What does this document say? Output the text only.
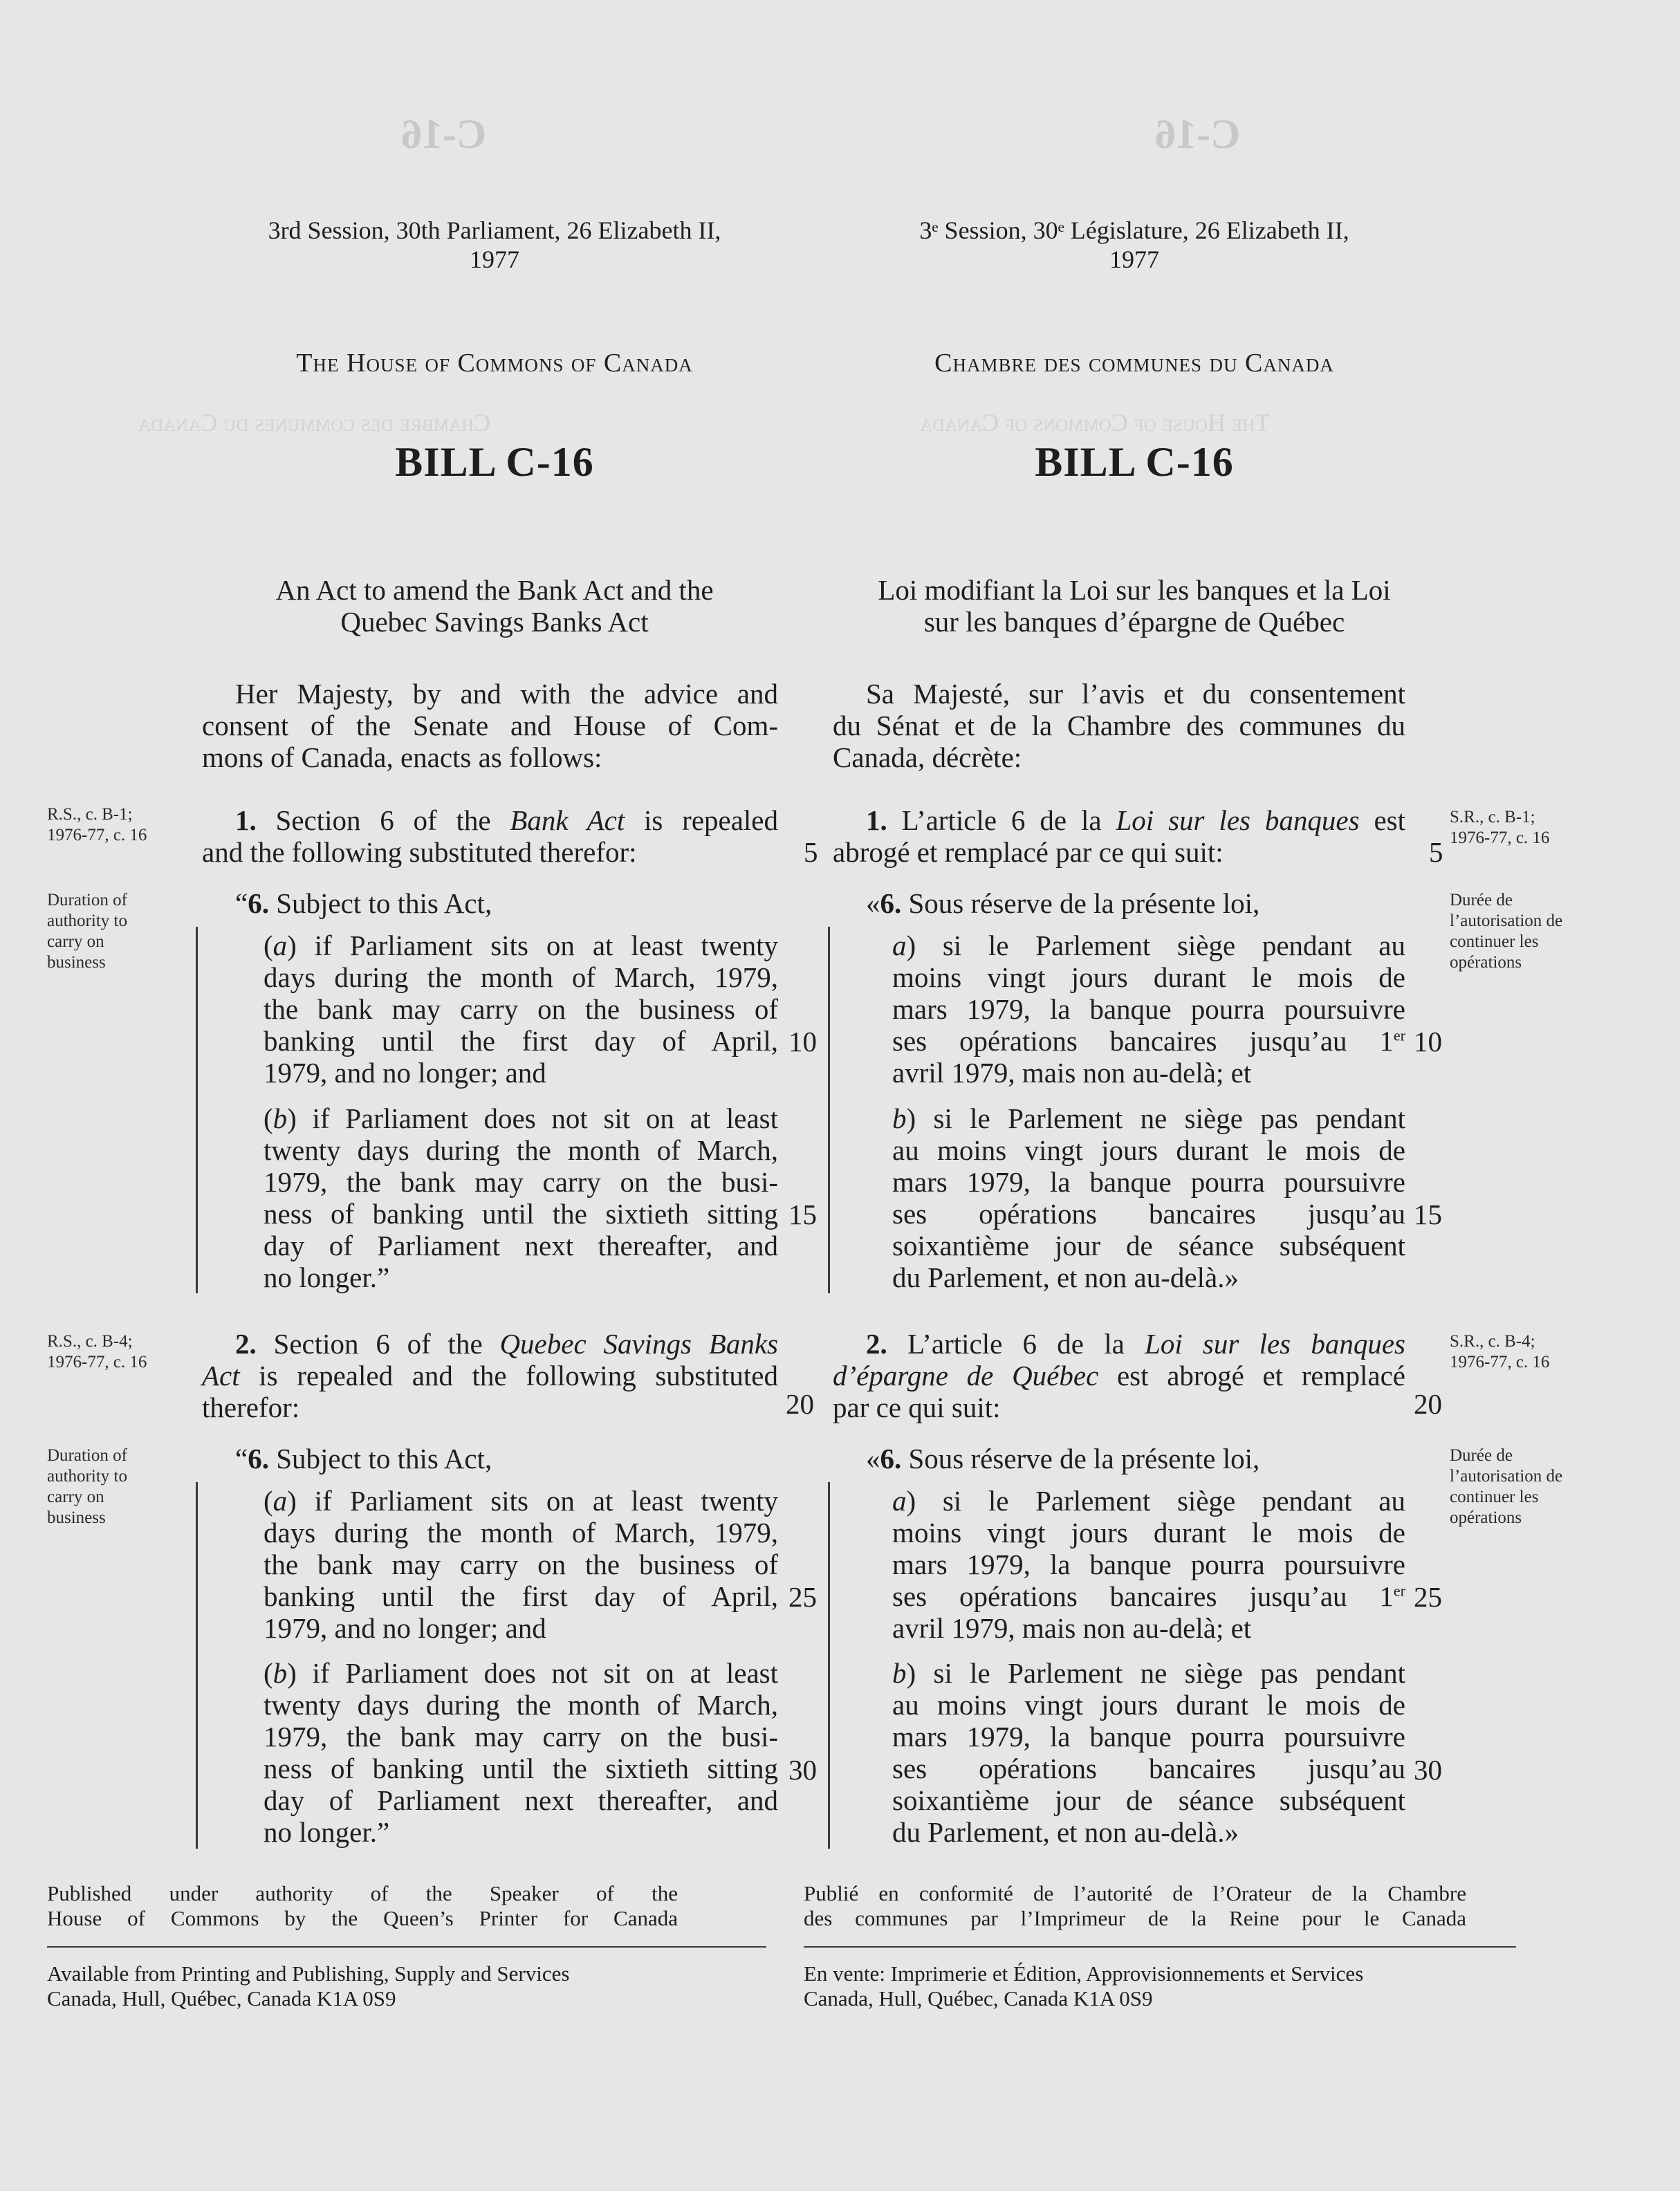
C-16	C-16
Chambre des communes du Canada	The House of Commons of Canada
3rd Session, 30th Parliament, 26 Elizabeth II,
1977
The House of Commons of Canada
BILL C-16
An Act to amend the Bank Act and the
Quebec Savings Banks Act
Her Majesty, by and with the advice and
consent of the Senate and House of Com-
mons of Canada, enacts as follows:
R.S., c. B-1;
1976-77, c. 16
Duration of
authority to
carry on
business
R.S., c. B-4;
1976-77, c. 16
Duration of
authority to
carry on
business
1. Section 6 of the Bank Act is repealed
and the following substituted therefor:
“6. Subject to this Act,
(a) if Parliament sits on at least twenty
days during the month of March, 1979,
the bank may carry on the business of
banking until the first day of April,
1979, and no longer; and
(b) if Parliament does not sit on at least
twenty days during the month of March,
1979, the bank may carry on the busi-
ness of banking until the sixtieth sitting
day of Parliament next thereafter, and
no longer.”
2. Section 6 of the Quebec Savings Banks
Act is repealed and the following substituted
therefor:
“6. Subject to this Act,
(a) if Parliament sits on at least twenty
days during the month of March, 1979,
the bank may carry on the business of
banking until the first day of April,
1979, and no longer; and
(b) if Parliament does not sit on at least
twenty days during the month of March,
1979, the bank may carry on the busi-
ness of banking until the sixtieth sitting
day of Parliament next thereafter, and
no longer.”
5
10
15
20
25
30
3ᵉ Session, 30ᵉ Législature, 26 Elizabeth II,
1977
Chambre des communes du Canada
BILL C-16
Loi modifiant la Loi sur les banques et la Loi
sur les banques d’épargne de Québec
Sa Majesté, sur l’avis et du consentement
du Sénat et de la Chambre des communes du
Canada, décrète:
1. L’article 6 de la Loi sur les banques est
abrogé et remplacé par ce qui suit:
«6. Sous réserve de la présente loi,
a) si le Parlement siège pendant au
moins vingt jours durant le mois de
mars 1979, la banque pourra poursuivre
ses opérations bancaires jusqu’au 1er
avril 1979, mais non au-delà; et
b) si le Parlement ne siège pas pendant
au moins vingt jours durant le mois de
mars 1979, la banque pourra poursuivre
ses opérations bancaires jusqu’au
soixantième jour de séance subséquent
du Parlement, et non au-delà.»
2. L’article 6 de la Loi sur les banques
d’épargne de Québec est abrogé et remplacé
par ce qui suit:
«6. Sous réserve de la présente loi,
a) si le Parlement siège pendant au
moins vingt jours durant le mois de
mars 1979, la banque pourra poursuivre
ses opérations bancaires jusqu’au 1er
avril 1979, mais non au-delà; et
b) si le Parlement ne siège pas pendant
au moins vingt jours durant le mois de
mars 1979, la banque pourra poursuivre
ses opérations bancaires jusqu’au
soixantième jour de séance subséquent
du Parlement, et non au-delà.»
5
10
15
20
25
30
S.R., c. B-1;
1976-77, c. 16
Durée de
l’autorisation de
continuer les
opérations
S.R., c. B-4;
1976-77, c. 16
Durée de
l’autorisation de
continuer les
opérations
Published under authority of the Speaker of the
House of Commons by the Queen’s Printer for Canada
Available from Printing and Publishing, Supply and Services
Canada, Hull, Québec, Canada K1A 0S9
Publié en conformité de l’autorité de l’Orateur de la Chambre
des communes par l’Imprimeur de la Reine pour le Canada
En vente: Imprimerie et Édition, Approvisionnements et Services
Canada, Hull, Québec, Canada K1A 0S9
